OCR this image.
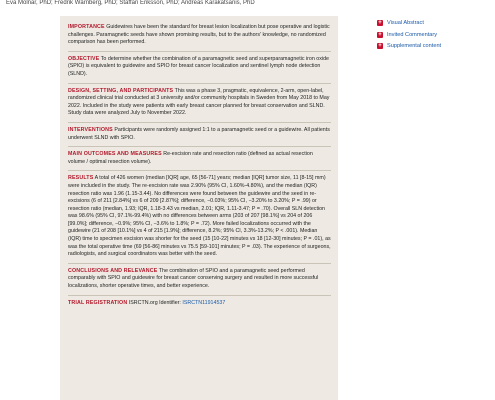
Eva Molnar, PhD; Fredrik Wärnberg, PhD; Staffan Eriksson, PhD; Andreas Karakatsanis, PhD

IMPORTANCE Guidewires have been the standard for breast lesion localization but pose operative and logistic challenges. Paramagnetic seeds have shown promising results, but to the authors' knowledge, no randomized comparison has been performed.

OBJECTIVE To determine whether the combination of a paramagnetic seed and superparamagnetic iron oxide (SPIO) is equivalent to guidewire and SPIO for breast cancer localization and sentinel lymph node detection (SLND).

DESIGN, SETTING, AND PARTICIPANTS This was a phase 3, pragmatic, equivalence, 2-arm, open-label, randomized clinical trial conducted at 3 university and/or community hospitals in Sweden from May 2018 to May 2022. Included in the study were patients with early breast cancer planned for breast conservation and SLND. Study data were analyzed July to November 2022.

INTERVENTIONS Participants were randomly assigned 1:1 to a paramagnetic seed or a guidewire. All patients underwent SLND with SPIO.

MAIN OUTCOMES AND MEASURES Re-excision rate and resection ratio (defined as actual resection volume / optimal resection volume).

RESULTS A total of 426 women (median [IQR] age, 65 [56-71] years; median [IQR] tumor size, 11 [8-15] mm) were included in the study. The re-excision rate was 2.90% (95% CI, 1.60%-4.80%), and the median (IQR) resection ratio was 1.96 (1.15-3.44). No differences were found between the guidewire and the seed in re-excisions (6 of 211 [2.84%] vs 6 of 209 [2.87%]; difference, −0.03%; 95% CI, −3.20% to 3.20%; P = .99) or resection ratio (median, 1.93; IQR, 1.18-3.43 vs median, 2.01; IQR, 1.11-3.47; P = .70). Overall SLN detection was 98.6% (95% CI, 97.1%-99.4%) with no differences between arms (203 of 207 [98.1%] vs 204 of 206 [99.0%]; difference, −0.9%; 95% CI, −3.6% to 1.8%; P = .72). More failed localizations occurred with the guidewire (21 of 208 [10.1%] vs 4 of 215 [1.9%]; difference, 8.2%; 95% CI, 3.3%-13.2%; P < .001). Median (IQR) time to specimen excision was shorter for the seed (15 [10-22] minutes vs 18 [12-30] minutes; P = .01), as was the total operative time (69 [56-86] minutes vs 75.5 [59-101] minutes; P = .03). The experience of surgeons, radiologists, and surgical coordinators was better with the seed.

CONCLUSIONS AND RELEVANCE The combination of SPIO and a paramagnetic seed performed comparably with SPIO and guidewire for breast cancer conserving surgery and resulted in more successful localizations, shorter operative times, and better experience.

TRIAL REGISTRATION ISRCTN.org Identifier: ISRCTN11914537

+ Visual Abstract
+ Invited Commentary
+ Supplemental content
